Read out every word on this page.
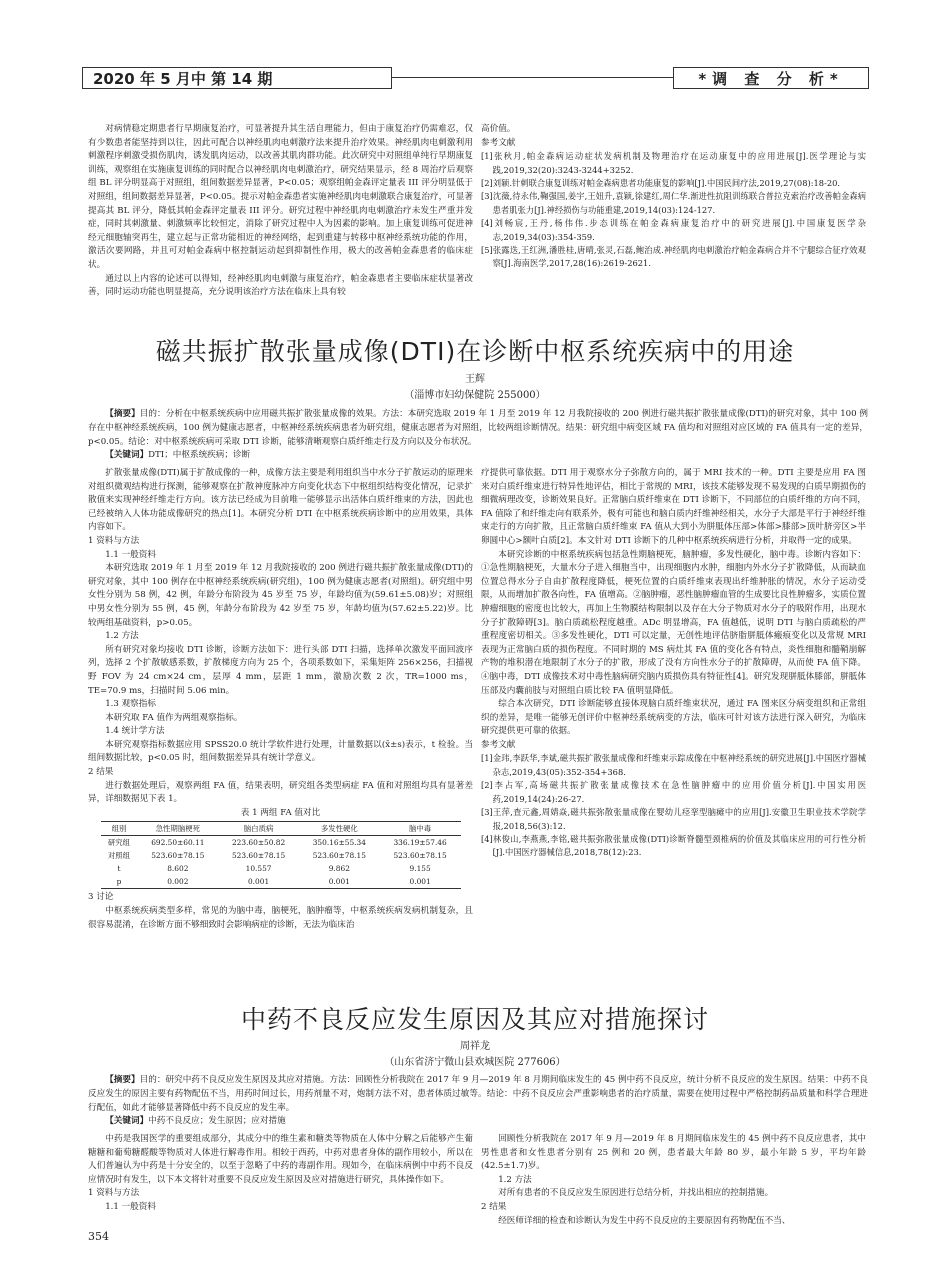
2020 年 5 月中 第 14 期	*调 查 分 析*

对病情稳定期患者行早期康复治疗，可显著提升其生活自理能力，但由于康复治疗仍需难忍，仅有少数患者能坚持到以往，因此可配合以神经肌肉电刺激疗法来提升治疗效果。神经肌肉电刺激利用刺激程序刺激受损伤肌肉，诱发肌肉运动，以改善其肌肉群功能。此次研究中对照组单纯行早期康复训练，观察组在实施康复训练的同时配合以神经肌肉电刺激治疗，研究结果显示，经 8 周治疗后观察组 BL 评分明显高于对照组，组间数据差异显著，P<0.05；观察组帕金森评定量表 III 评分明显低于对照组，组间数据差异显著，P<0.05。提示对帕金森患者实施神经肌肉电刺激联合康复治疗，可显著提高其 BL 评分，降低其帕金森评定量表 III 评分。研究过程中神经肌肉电刺激治疗未发生严重并发症，同时其刺激量、刺激频率比较恒定，消除了研究过程中人为因素的影响。加上康复训练可促进神经元细胞轴突再生，建立起与正常功能相近的神经网络，起到重建与转移中枢神经系统功能的作用，激活次要网路，并且可对帕金森病中枢控制运动起到抑制性作用，极大的改善帕金森患者的临床症状。

通过以上内容的论述可以得知，经神经肌肉电刺激与康复治疗，帕金森患者主要临床症状显著改善，同时运动功能也明显提高，充分说明该治疗方法在临床上具有较

高价值。

参考文献

[1]张秋月,帕金森病运动症状发病机制及物理治疗在运动康复中的应用进展[J].医学理论与实践,2019,32(20):3243-3244+3252.

[2]刘颖.针刺联合康复训练对帕金森病患者功能康复的影响[J].中国民间疗法,2019,27(08):18-20.

[3]沈薇,待永伟,鞠强国,姜宇,王妞升,袁颖,徐建红,周仁华.渐进性抗阻训练联合普拉克索治疗改善帕金森病患者肌张力[J].神经损伤与功能重建,2019,14(03):124-127.

[4]刘畅宸,王丹,杨伟伟.步态训练在帕金森病康复治疗中的研究进展[J].中国康复医学杂志,2019,34(03):354-359.

[5]张露迭,王红洲,潘胜桂,唐晴,张灵,石磊,鲍治成.神经肌肉电刺激治疗帕金森病合并不宁腿综合征疗效观察[J].海南医学,2017,28(16):2619-2621.

磁共振扩散张量成像(DTI)在诊断中枢系统疾病中的用途
王辉
（淄博市妇幼保健院 255000）

【摘要】目的：分析在中枢系统疾病中应用磁共振扩散张量成像的效果。方法：本研究选取 2019 年 1 月至 2019 年 12 月我院接收的 200 例进行磁共振扩散张量成像(DTI)的研究对象，其中 100 例存在中枢神经系统疾病，100 例为健康志愿者，中枢神经系统疾病患者为研究组，健康志愿者为对照组，比较两组诊断情况。结果：研究组中病变区域 FA 值均和对照组对应区域的 FA 值具有一定的差异，p<0.05。结论：对中枢系统疾病可采取 DTI 诊断，能够清晰观察白质纤维走行及方向以及分布状况。

【关键词】DTI；中枢系统疾病；诊断

扩散张量成像(DTI)属于扩散成像的一种，成像方法主要是利用组织当中水分子扩散运动的原理来对组织微观结构进行探测，能够观察在扩散神度脉冲方向变化状态下中枢组织结构变化情况，记录扩散值来实现神经纤维走行方向。该方法已经成为目前唯一能够显示出活体白质纤维束的方法，因此也已经被纳入人体功能成像研究的热点[1]。本研究分析 DTI 在中枢系统疾病诊断中的应用效果，具体内容如下。

1 资料与方法

1.1 一般资料

本研究选取 2019 年 1 月至 2019 年 12 月我院接收的 200 例进行磁共振扩散张量成像(DTI)的研究对象，其中 100 例存在中枢神经系统疾病(研究组)，100 例为健康志愿者(对照组)。研究组中男女性分别为 58 例，42 例，年龄分布阶段为 45 岁至 75 岁，年龄均值为(59.61±5.08)岁；对照组中男女性分别为 55 例，45 例，年龄分布阶段为 42 岁至 75 岁，年龄均值为(57.62±5.22)岁。比较两组基础资料，p>0.05。

1.2 方法

所有研究对象均接收 DTI 诊断，诊断方法如下：进行头部 DTI 扫描，选择单次激发平面回波序列，选择 2 个扩散敏感系数，扩散梯度方向为 25 个，各项系数如下，采集矩阵 256×256，扫描视野 FOV 为 24 cm×24 cm，层厚 4 mm，层距 1 mm，激励次数 2 次，TR=1000 ms，TE=70.9 ms，扫描时间 5.06 min。

1.3 观察指标

本研究取 FA 值作为两组观察指标。

1.4 统计学方法

本研究观察指标数据应用 SPSS20.0 统计学软件进行处理，计量数据以(x̄±s)表示，t 检验。当组间数据比较，p<0.05 时，组间数据差异具有统计学意义。

2 结果

进行数据处理后，观察两组 FA 值，结果表明，研究组各类型病症 FA 值和对照组均具有显著差异，详细数据见下表 1。

表 1 两组 FA 值对比
组别	急性期脑梗死	脑白质病	多发性硬化	脑中毒
研究组	692.50±60.11	223.60±50.82	350.16±55.34	336.19±57.46
对照组	523.60±78.15	523.60±78.15	523.60±78.15	523.60±78.15
t	8.602	10.557	9.862	9.155
p	0.002	0.001	0.001	0.001

3 讨论

中枢系统疾病类型多样，常见的为脑中毒，脑梗死，脑肿瘤等，中枢系统疾病发病机制复杂，且很容易混淆，在诊断方面不够细致时会影响病症的诊断，无法为临床治

疗提供可靠依据。DTI 用于观察水分子弥散方向的，属于 MRI 技术的一种。DTI 主要是应用 FA 图来对白质纤维束进行特异性地评估，相比于常规的 MRI，该技术能够发现不易发现的白质早期损伤的细微病理改变，诊断效果良好。正常脑白质纤维束在 DTI 诊断下，不同部位的白质纤维的方向不同，FA 值除了和纤维走向有联系外，极有可能也和脑白质内纤维神经相关，水分子大部是平行于神经纤维束走行的方向扩散，且正常脑白质纤维束 FA 值从大到小为胼胝体压部>体部>膝部>顶叶脐旁区>半卵圆中心>额叶白质[2]。本文针对 DTI 诊断下的几种中枢系统疾病进行分析，并取得一定的成果。

本研究诊断的中枢系统疾病包括急性期脑梗死，脑肿瘤，多发性硬化，脑中毒。诊断内容如下：①急性期脑梗死，大量水分子进入细胞当中，出现细胞内水肿，细胞内外水分子扩散降低，从而缺血位置总得水分子自由扩散程度降低，梗死位置的白质纤维束表现出纤维肿胀的情况，水分子运动受限，从而增加扩散各向性，FA 值增高。②脑肿瘤，恶性脑肿瘤血管的生成要比良性肿瘤多，实质位置肿瘤细胞的密度也比较大，再加上生物膜结构限制以及存在大分子物质对水分子的吸附作用，出现水分子扩散障碍[3]。脑白质疏松程度越重。ADc 明显增高，FA 值越低，说明 DTI 与脑白质疏松的严重程度密切相关。③多发性硬化，DTI 可以定量，无创性地评估脐脂胼胝体瘢痕变化以及常规 MRI 表现为正常脑白质的损伤程度。不同时期的 MS 病灶其 FA 值的变化各有特点，炎性细胞和髓鞘崩解产物的堆积潜在地限制了水分子的扩散，形成了没有方向性水分子的扩散障碍，从而使 FA 值下降。④脑中毒，DTI 成像技术对中毒性脑病研究脑内质损伤具有特征性[4]。研究发现胼胝体膝部，胼胝体压部及内囊前肢与对照组白质比较 FA 值明显降低。

综合本次研究，DTI 诊断能够直接体现脑白质纤维束状况，通过 FA 图来区分病变组织和正常组织的差异，是唯一能够无创评价中枢神经系统病变的方法，临床可针对该方法进行深入研究，为临床研究提供更可靠的依据。

参考文献

[1]金玮,李跃华,李斌,磁共振扩散张量成像和纤维束示踪成像在中枢神经系统的研究进展[J].中国医疗器械杂志,2019,43(05):352-354+368.

[2]李占军,高场磁共振扩散张量成像技术在急性脑肿瘤中的应用价值分析[J].中国实用医药,2019,14(24):26-27.

[3]王萍,査元鑫,周婧焱,磁共振弥散张量成像在婴幼儿痉挛型脑瘫中的应用[J].安徽卫生职业技术学院学报,2018,56(3):12.

[4]林俊山,李燕燕,李铭,磁共振弥散张量成像(DTI)诊断脊髓型颈椎病的价值及其临床应用的可行性分析[J].中国医疗器械信息,2018,78(12):23.

中药不良反应发生原因及其应对措施探讨
周祥龙
（山东省济宁微山县欢城医院 277606）

【摘要】目的：研究中药不良反应发生原因及其应对措施。方法：回顾性分析我院在 2017 年 9 月—2019 年 8 月期间临床发生的 45 例中药不良反应，统计分析不良反应的发生原因。结果：中药不良反应发生的原因主要有药物配伍不当，用药时间过长，用药剂量不对，炮制方法不对，患者体质过敏等。结论：中药不良反应会严重影响患者的治疗质量，需要在使用过程中严格控制药品质量和科学合理进行配伍，如此才能够显著降低中药不良反应的发生率。

【关键词】中药不良反应；发生原因；应对措施

中药是我国医学的重要组成部分，其成分中的维生素和糖类等物质在人体中分解之后能够产生葡糖糖和葡萄糖醛酸等物质对人体进行解毒作用。相较于西药，中药对患者身体的副作用较小，所以在人们普遍认为中药是十分安全的，以至于忽略了中药的毒副作用。现如今，在临床病例中中药不良反应情况时有发生，以下本文将针对重要不良反应发生原因及应对措施进行研究，具体操作如下。

1 资料与方法

1.1 一般资料

回顾性分析我院在 2017 年 9 月—2019 年 8 月期间临床发生的 45 例中药不良反应患者，其中男性患者和女性患者分别有 25 例和 20 例，患者最大年龄 80 岁，最小年龄 5 岁，平均年龄(42.5±1.7)岁。

1.2 方法

对所有患者的不良反应发生原因进行总结分析，并找出相应的控制措施。

2 结果

经医师详细的检查和诊断认为发生中药不良反应的主要原因有药物配伍不当、

354
